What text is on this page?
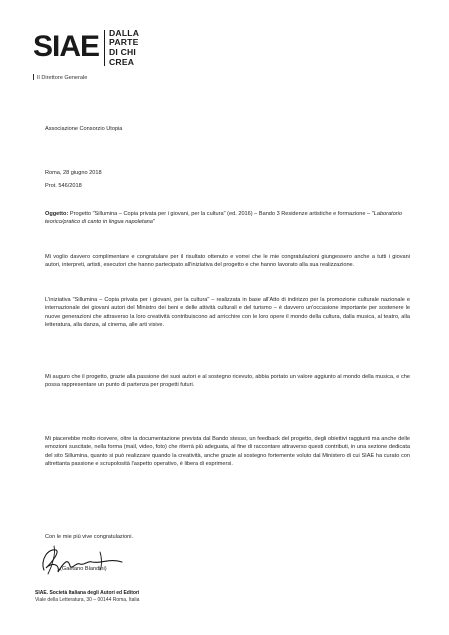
SIAE DALLA
PARTE
DI CHI
CREA
Il Direttore Generale
Associazione Consorzio Utopia
Roma, 28 giugno 2018
Prot. 546/2018
Oggetto: Progetto "Sillumina – Copia privata per i giovani, per la cultura" (ed. 2016) – Bando 3 Residenze artistiche e formazione – "Laboratorio teorico/pratico di canto in lingua napoletana"
Mi voglio davvero complimentare e congratulare per il risultato ottenuto e vorrei che le mie congratulazioni giungessero anche a tutti i giovani autori, interpreti, artisti, esecutori che hanno partecipato all'iniziativa del progetto e che hanno lavorato alla sua realizzazione.
L'iniziativa "Sillumina – Copia privata per i giovani, per la cultura" – realizzata in base all'Atto di indirizzo per la promozione culturale nazionale e internazionale dei giovani autori del Ministro dei beni e delle attività culturali e del turismo – è davvero un'occasione importante per sostenere le nuove generazioni che attraverso la loro creatività contribuiscono ad arricchire con le loro opere il mondo della cultura, dalla musica, al teatro, alla letteratura, alla danza, al cinema, alle arti visive.
Mi auguro che il progetto, grazie alla passione dei suoi autori e al sostegno ricevuto, abbia portato un valore aggiunto al mondo della musica, e che possa rappresentare un punto di partenza per progetti futuri.
Mi piacerebbe molto ricevere, oltre la documentazione prevista dal Bando stesso, un feedback del progetto, degli obiettivi raggiunti ma anche delle emozioni suscitate, nella forma (mail, video, foto) che riterrà più adeguata, al fine di raccontare attraverso questi contributi, in una sezione dedicata del sito Sillumina, quanto si può realizzare quando la creatività, anche grazie al sostegno fortemente voluto dal Ministero di cui SIAE ha curato con altrettanta passione e scrupolosità l'aspetto operativo, è libera di esprimersi.
Con le mie più vive congratulazioni.
(Gaetano Blandini)
SIAE. Società Italiana degli Autori ed Editori
Viale della Letteratura, 30 – 00144 Roma, Italia
